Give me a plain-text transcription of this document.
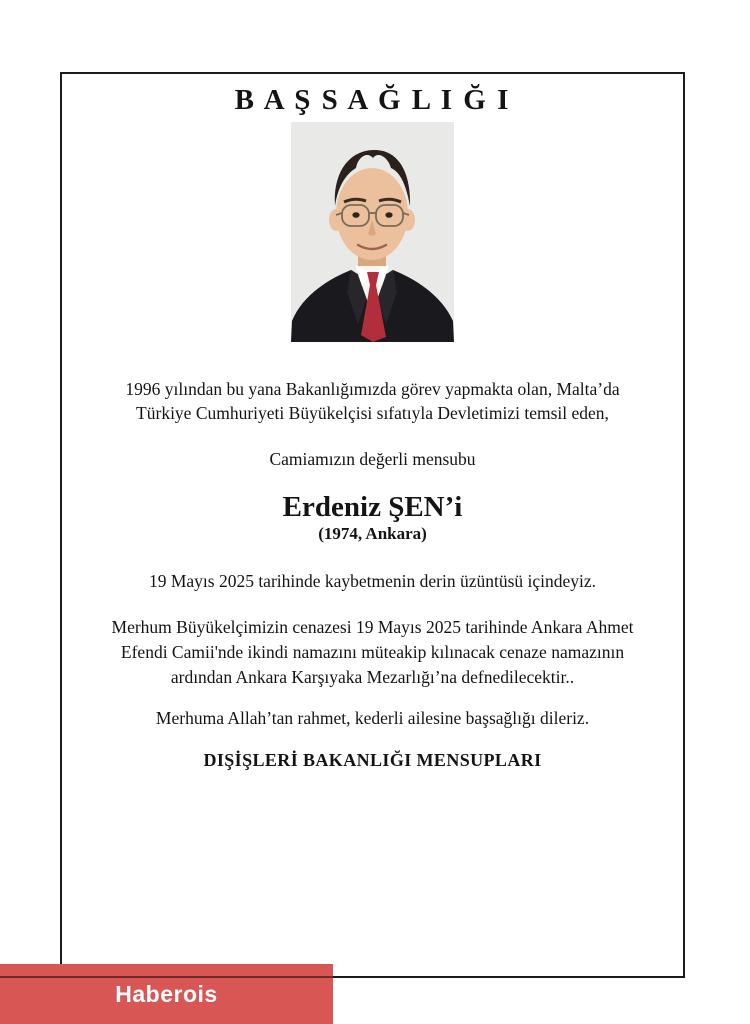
B A Ş S A Ğ L I Ğ I
1996 yılından bu yana Bakanlığımızda görev yapmakta olan, Malta’da
Türkiye Cumhuriyeti Büyükelçisi sıfatıyla Devletimizi temsil eden,
Camiamızın değerli mensubu
Erdeniz ŞEN’i
(1974, Ankara)
19 Mayıs 2025 tarihinde kaybetmenin derin üzüntüsü içindeyiz.
Merhum Büyükelçimizin cenazesi 19 Mayıs 2025 tarihinde Ankara Ahmet
Efendi Camii'nde ikindi namazını müteakip kılınacak cenaze namazının
ardından Ankara Karşıyaka Mezarlığı’na defnedilecektir..
Merhuma Allah’tan rahmet, kederli ailesine başsağlığı dileriz.
DIŞİŞLERİ BAKANLIĞI MENSUPLARI
Haberois
